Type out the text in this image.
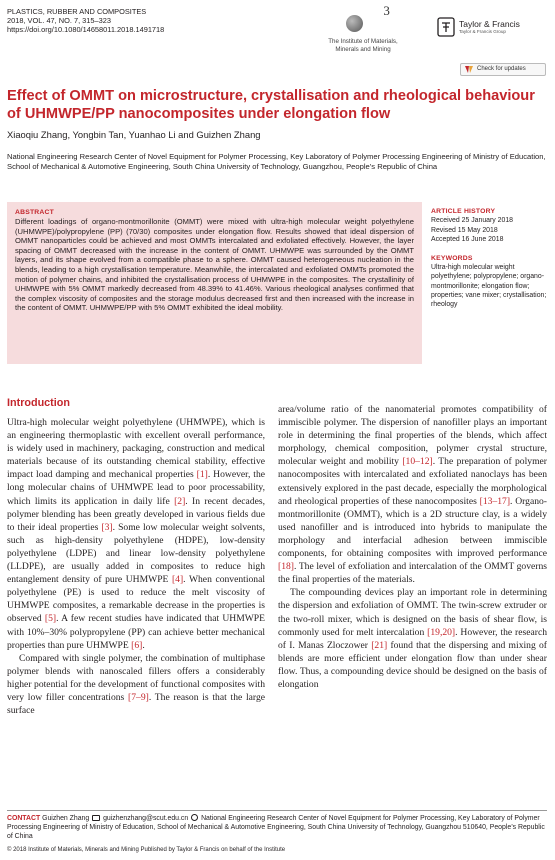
PLASTICS, RUBBER AND COMPOSITES
2018, VOL. 47, NO. 7, 315–323
https://doi.org/10.1080/14658011.2018.1491718
$^3$
The Institute of Materials,
Minerals and Mining
Taylor & Francis
Taylor & Francis Group
Check for updates
Effect of OMMT on microstructure, crystallisation and rheological behaviour of UHMWPE/PP nanocomposites under elongation flow
Xiaoqiu Zhang, Yongbin Tan, Yuanhao Li and Guizhen Zhang
National Engineering Research Center of Novel Equipment for Polymer Processing, Key Laboratory of Polymer Processing Engineering of Ministry of Education, School of Mechanical & Automotive Engineering, South China University of Technology, Guangzhou, People’s Republic of China
ABSTRACT
Different loadings of organo-montmorillonite (OMMT) were mixed with ultra-high molecular weight polyethylene (UHMWPE)/polypropylene (PP) (70/30) composites under elongation flow. Results showed that ideal dispersion of OMMT nanoparticles could be achieved and most OMMTs intercalated and exfoliated effectively. However, the layer spacing of OMMT decreased with the increase in the content of OMMT. UHMWPE was surrounded by the OMMT layers, and its shape evolved from a compatible phase to a sphere. OMMT caused heterogeneous nucleation in the blends, leading to a high crystallisation temperature. Meanwhile, the intercalated and exfoliated OMMTs promoted the motion of polymer chains, and inhibited the crystallisation process of UHMWPE in the composites. The crystallinity of UHMWPE with 5% OMMT markedly decreased from 48.39% to 41.46%. Various rheological analyses confirmed that the complex viscosity of composites and the storage modulus decreased first and then increased with the increase in the content of OMMT. UHMWPE/PP with 5% OMMT exhibited the ideal mobility.
ARTICLE HISTORY
Received 25 January 2018
Revised 15 May 2018
Accepted 16 June 2018
KEYWORDS
Ultra-high molecular weight polyethylene; polypropylene; organo-montmorillonite; elongation flow; properties; vane mixer; crystallisation; rheology
Introduction

Ultra-high molecular weight polyethylene (UHMWPE), which is an engineering thermoplastic with excellent overall performance, is widely used in machinery, packaging, construction and medical materials because of its outstanding chemical stability, effective impact load damping and mechanical properties [1]. However, the long molecular chains of UHMWPE lead to poor processability, which limits its application in daily life [2]. In recent decades, polymer blending has been greatly developed in various fields due to their ideal properties [3]. Some low molecular weight solvents, such as high-density polyethylene (HDPE), low-density polyethylene (LDPE) and linear low-density polyethylene (LLDPE), are usually added in composites to reduce high entanglement density of pure UHMWPE [4]. When conventional polyethylene (PE) is used to reduce the melt viscosity of UHMWPE composites, a remarkable decrease in the properties is observed [5]. A few recent studies have indicated that UHMWPE with 10%–30% polypropylene (PP) can achieve better mechanical properties than pure UHMWPE [6].

Compared with single polymer, the combination of multiphase polymer blends with nanoscaled fillers offers a considerably higher potential for the development of functional composites with very low filler concentrations [7–9]. The reason is that the large surface

area/volume ratio of the nanomaterial promotes compatibility of immiscible polymer. The dispersion of nanofiller plays an important role in determining the final properties of the blends, which affect morphology, chemical composition, polymer crystal structure, molecular weight and mobility [10–12]. The preparation of polymer nanocomposites with intercalated and exfoliated nanoclays has been extensively explored in the past decade, especially the morphological and rheological properties of these nanocomposites [13–17]. Organo-montmorillonite (OMMT), which is a 2D structure clay, is a widely used nanofiller and is introduced into hybrids to manipulate the morphology and interfacial adhesion between immiscible components, for obtaining composites with improved performance [18]. The level of exfoliation and intercalation of the OMMT governs the final properties of the materials.

The compounding devices play an important role in determining the dispersion and exfoliation of OMMT. The twin-screw extruder or the two-roll mixer, which is designed on the basis of shear flow, is commonly used for melt intercalation [19,20]. However, the research of I. Manas Zloczower [21] found that the dispersing and mixing of blends are more efficient under elongation flow than under shear flow. Thus, a compounding device should be designed on the basis of elongation

CONTACT Guizhen Zhang guizhenzhang@scut.edu.cn National Engineering Research Center of Novel Equipment for Polymer Processing, Key Laboratory of Polymer Processing Engineering of Ministry of Education, School of Mechanical & Automotive Engineering, South China University of Technology, Guangzhou 510640, People’s Republic of China
© 2018 Institute of Materials, Minerals and Mining Published by Taylor & Francis on behalf of the Institute
